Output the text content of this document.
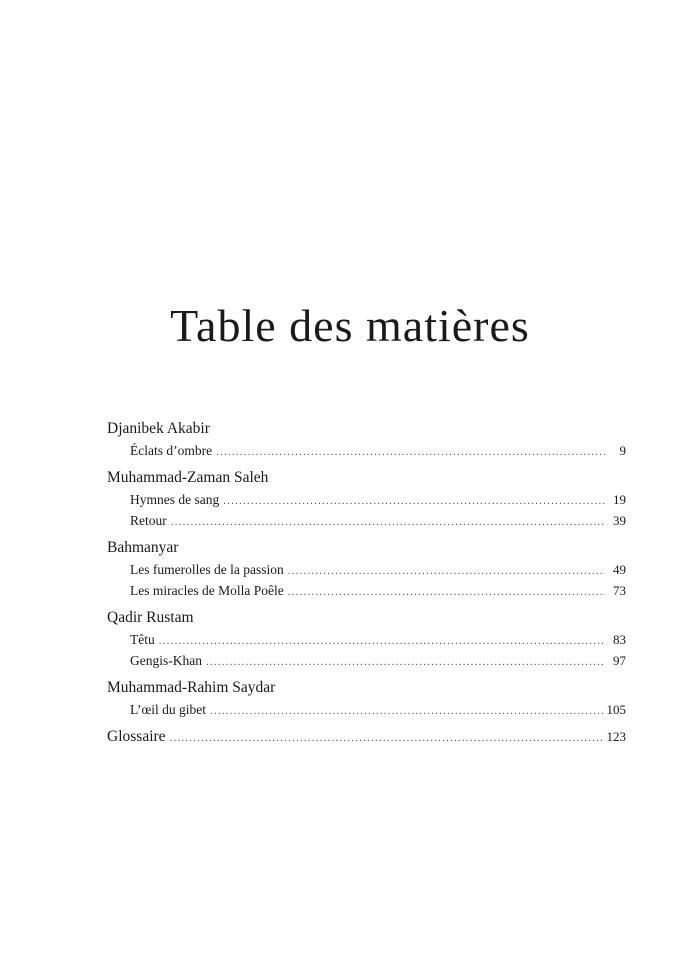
Table des matières
Djanibek Akabir
Éclats d’ombre .....	9
Muhammad-Zaman Saleh
Hymnes de sang .....	19
Retour .....	39
Bahmanyar
Les fumerolles de la passion .....	49
Les miracles de Molla Poêle .....	73
Qadir Rustam
Têtu .....	83
Gengis-Khan .....	97
Muhammad-Rahim Saydar
L’œil du gibet .....	105
Glossaire .....	123
